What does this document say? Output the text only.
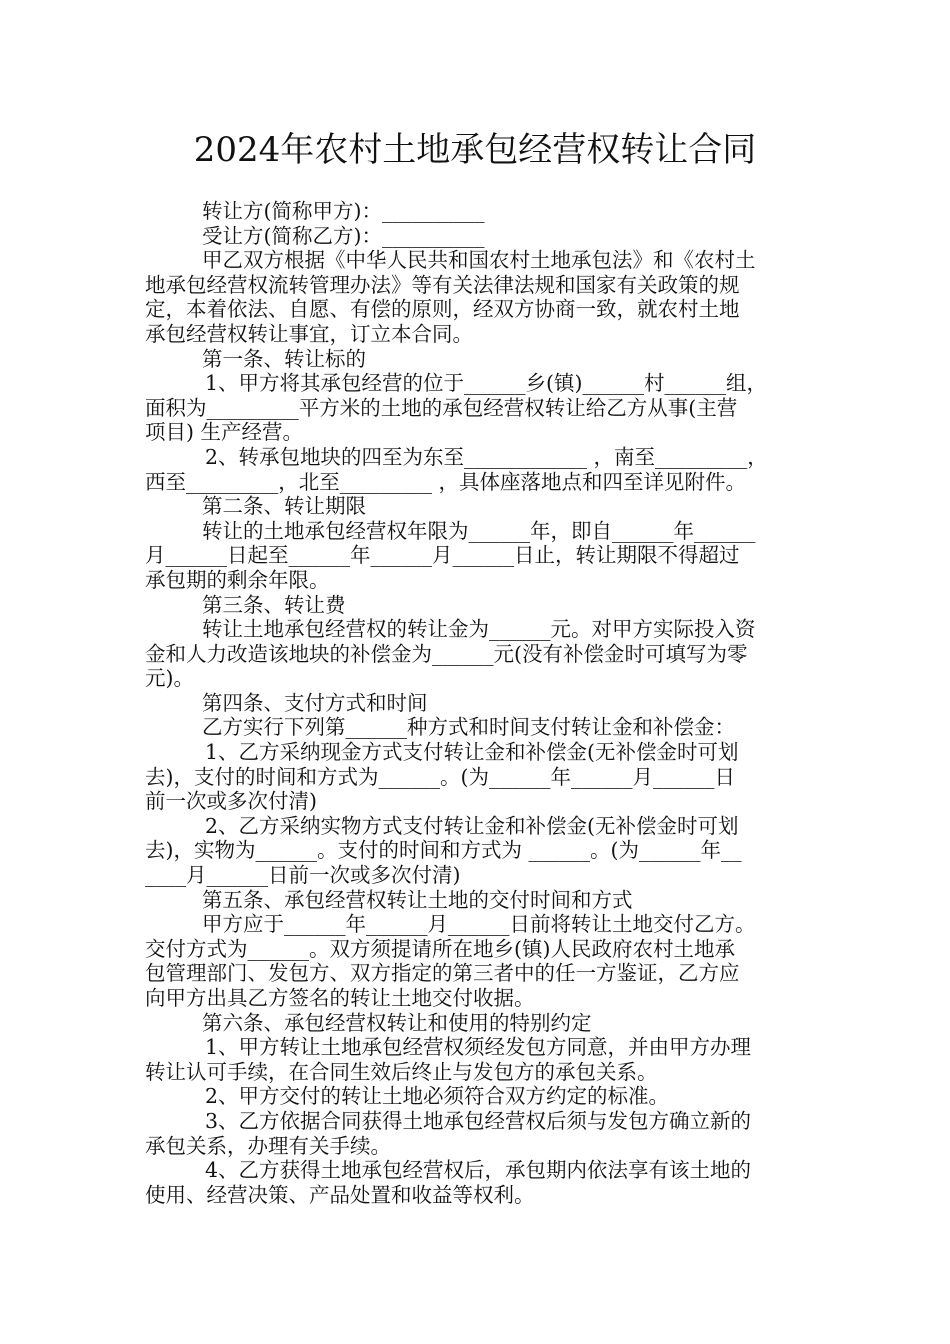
2024年农村土地承包经营权转让合同
转让方(简称甲方)：__________
受让方(简称乙方)：__________
甲乙双方根据《中华人民共和国农村土地承包法》和《农村土
地承包经营权流转管理办法》等有关法律法规和国家有关政策的规
定，本着依法、自愿、有偿的原则，经双方协商一致，就农村土地
承包经营权转让事宜，订立本合同。
第一条、转让标的
1、甲方将其承包经营的位于______乡(镇)______村______组，
面积为_________平方米的土地的承包经营权转让给乙方从事(主营
项目) 生产经营。
2、转承包地块的四至为东至____________ ，南至_________，
西至_________，北至_________ ，具体座落地点和四至详见附件。
第二条、转让期限
转让的土地承包经营权年限为______年，即自______年______
月______日起至______年______月______日止，转让期限不得超过
承包期的剩余年限。
第三条、转让费
转让土地承包经营权的转让金为______元。对甲方实际投入资
金和人力改造该地块的补偿金为______元(没有补偿金时可填写为零
元)。
第四条、支付方式和时间
乙方实行下列第______种方式和时间支付转让金和补偿金：
1、乙方采纳现金方式支付转让金和补偿金(无补偿金时可划
去)，支付的时间和方式为______。(为______年______月______日
前一次或多次付清)
2、乙方采纳实物方式支付转让金和补偿金(无补偿金时可划
去)，实物为______。支付的时间和方式为 ______。(为______年__
____月______日前一次或多次付清)
第五条、承包经营权转让土地的交付时间和方式
甲方应于______年______月______日前将转让土地交付乙方。
交付方式为______。双方须提请所在地乡(镇)人民政府农村土地承
包管理部门、发包方、双方指定的第三者中的任一方鉴证，乙方应
向甲方出具乙方签名的转让土地交付收据。
第六条、承包经营权转让和使用的特别约定
1、甲方转让土地承包经营权须经发包方同意，并由甲方办理
转让认可手续，在合同生效后终止与发包方的承包关系。
2、甲方交付的转让土地必须符合双方约定的标准。
3、乙方依据合同获得土地承包经营权后须与发包方确立新的
承包关系，办理有关手续。
4、乙方获得土地承包经营权后，承包期内依法享有该土地的
使用、经营决策、产品处置和收益等权利。
